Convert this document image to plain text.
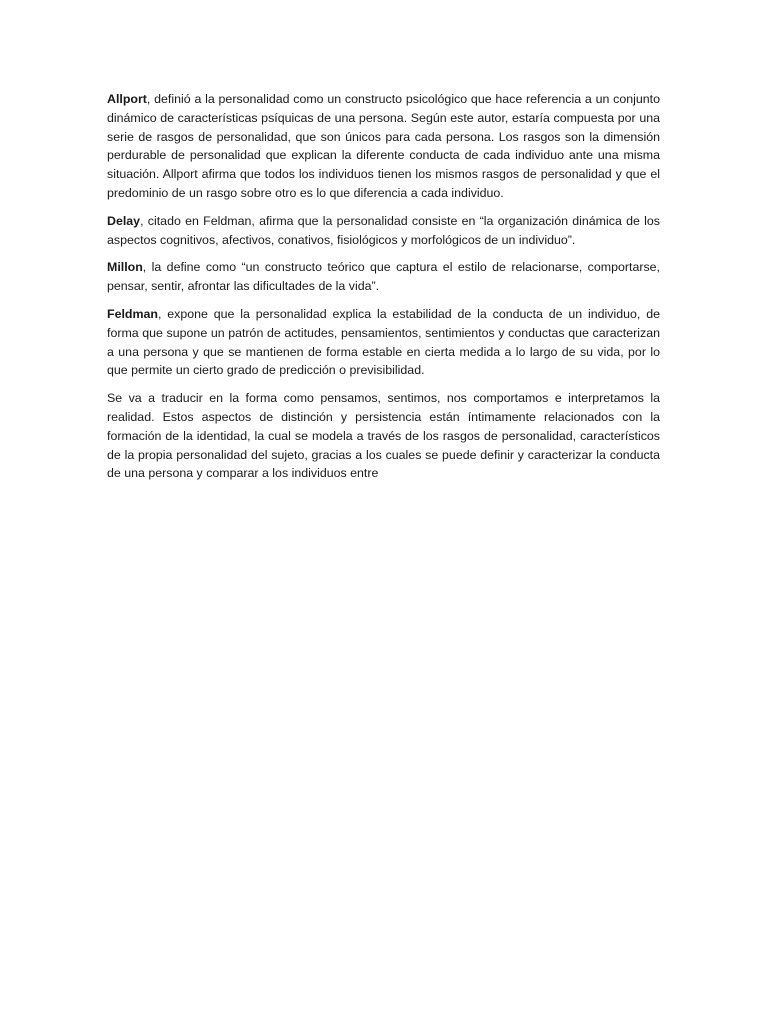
Allport, definió a la personalidad como un constructo psicológico que hace referencia a un conjunto dinámico de características psíquicas de una persona. Según este autor, estaría compuesta por una serie de rasgos de personalidad, que son únicos para cada persona. Los rasgos son la dimensión perdurable de personalidad que explican la diferente conducta de cada individuo ante una misma situación. Allport afirma que todos los individuos tienen los mismos rasgos de personalidad y que el predominio de un rasgo sobre otro es lo que diferencia a cada individuo.

Delay, citado en Feldman, afirma que la personalidad consiste en “la organización dinámica de los aspectos cognitivos, afectivos, conativos, fisiológicos y morfológicos de un individuo”.

Millon, la define como “un constructo teórico que captura el estilo de relacionarse, comportarse, pensar, sentir, afrontar las dificultades de la vida”.

Feldman, expone que la personalidad explica la estabilidad de la conducta de un individuo, de forma que supone un patrón de actitudes, pensamientos, sentimientos y conductas que caracterizan a una persona y que se mantienen de forma estable en cierta medida a lo largo de su vida, por lo que permite un cierto grado de predicción o previsibilidad.

Se va a traducir en la forma como pensamos, sentimos, nos comportamos e interpretamos la realidad. Estos aspectos de distinción y persistencia están íntimamente relacionados con la formación de la identidad, la cual se modela a través de los rasgos de personalidad, característicos de la propia personalidad del sujeto, gracias a los cuales se puede definir y caracterizar la conducta de una persona y comparar a los individuos entre
